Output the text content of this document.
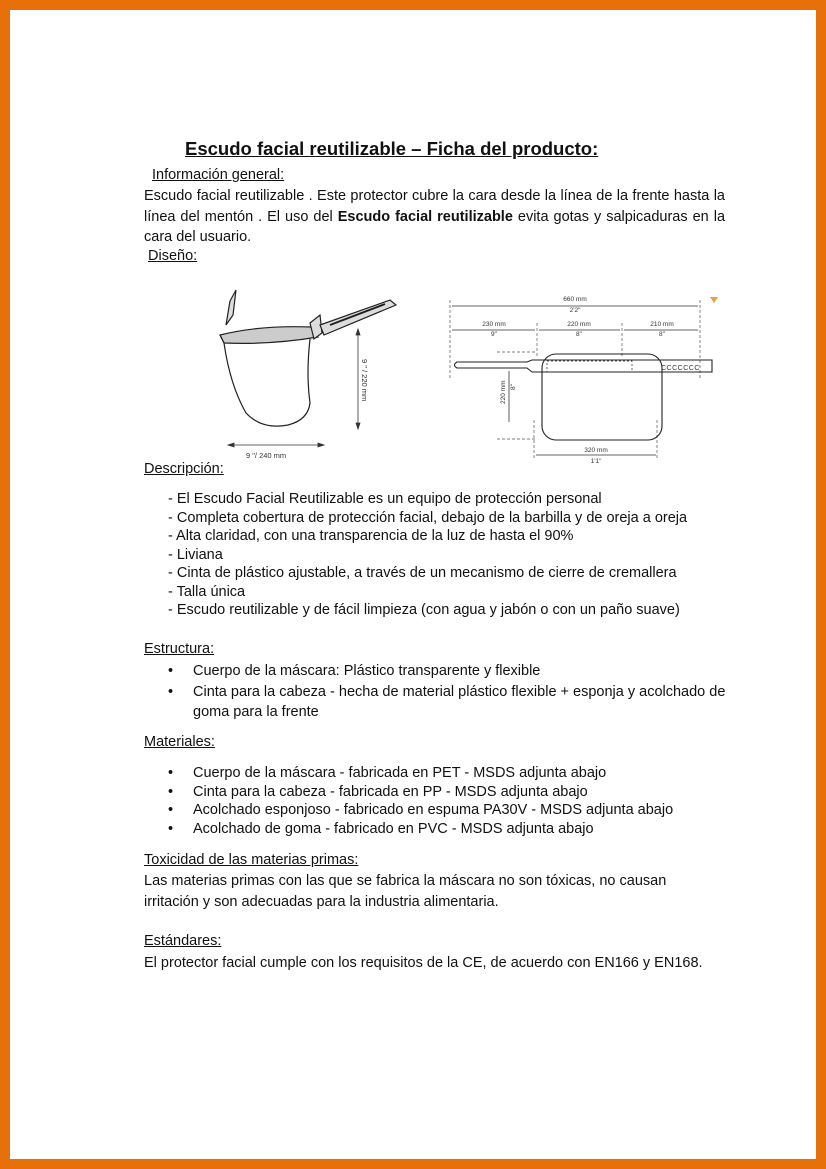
Escudo facial reutilizable – Ficha del producto:
Información general:
Escudo facial reutilizable . Este protector cubre la cara desde la línea de la frente hasta la línea del mentón . El uso del Escudo facial reutilizable evita gotas y salpicaduras en la cara del usuario.
Diseño:
9 " / 220 mm
9 "/ 240 mm
CCCCCCC
660 mm
2'2"
230 mm
9"
220 mm
8"
210 mm
8"
220 mm 8"
320 mm
1'1"
Descripción:
- El Escudo Facial Reutilizable es un equipo de protección personal
- Completa cobertura de protección facial, debajo de la barbilla y de oreja a oreja
- Alta claridad, con una transparencia de la luz de hasta el 90%
- Liviana
- Cinta de plástico ajustable, a través de un mecanismo de cierre de cremallera
- Talla única
- Escudo reutilizable y de fácil limpieza (con agua y jabón o con un paño suave)
Estructura:
• Cuerpo de la máscara: Plástico transparente y flexible
• Cinta para la cabeza - hecha de material plástico flexible + esponja y acolchado de goma para la frente
Materiales:
• Cuerpo de la máscara - fabricada en PET - MSDS adjunta abajo
• Cinta para la cabeza - fabricada en PP - MSDS adjunta abajo
• Acolchado esponjoso - fabricado en espuma PA30V - MSDS adjunta abajo
• Acolchado de goma - fabricado en PVC - MSDS adjunta abajo
Toxicidad de las materias primas:
Las materias primas con las que se fabrica la máscara no son tóxicas, no causan irritación y son adecuadas para la industria alimentaria.
Estándares:
El protector facial cumple con los requisitos de la CE, de acuerdo con EN166 y EN168.
